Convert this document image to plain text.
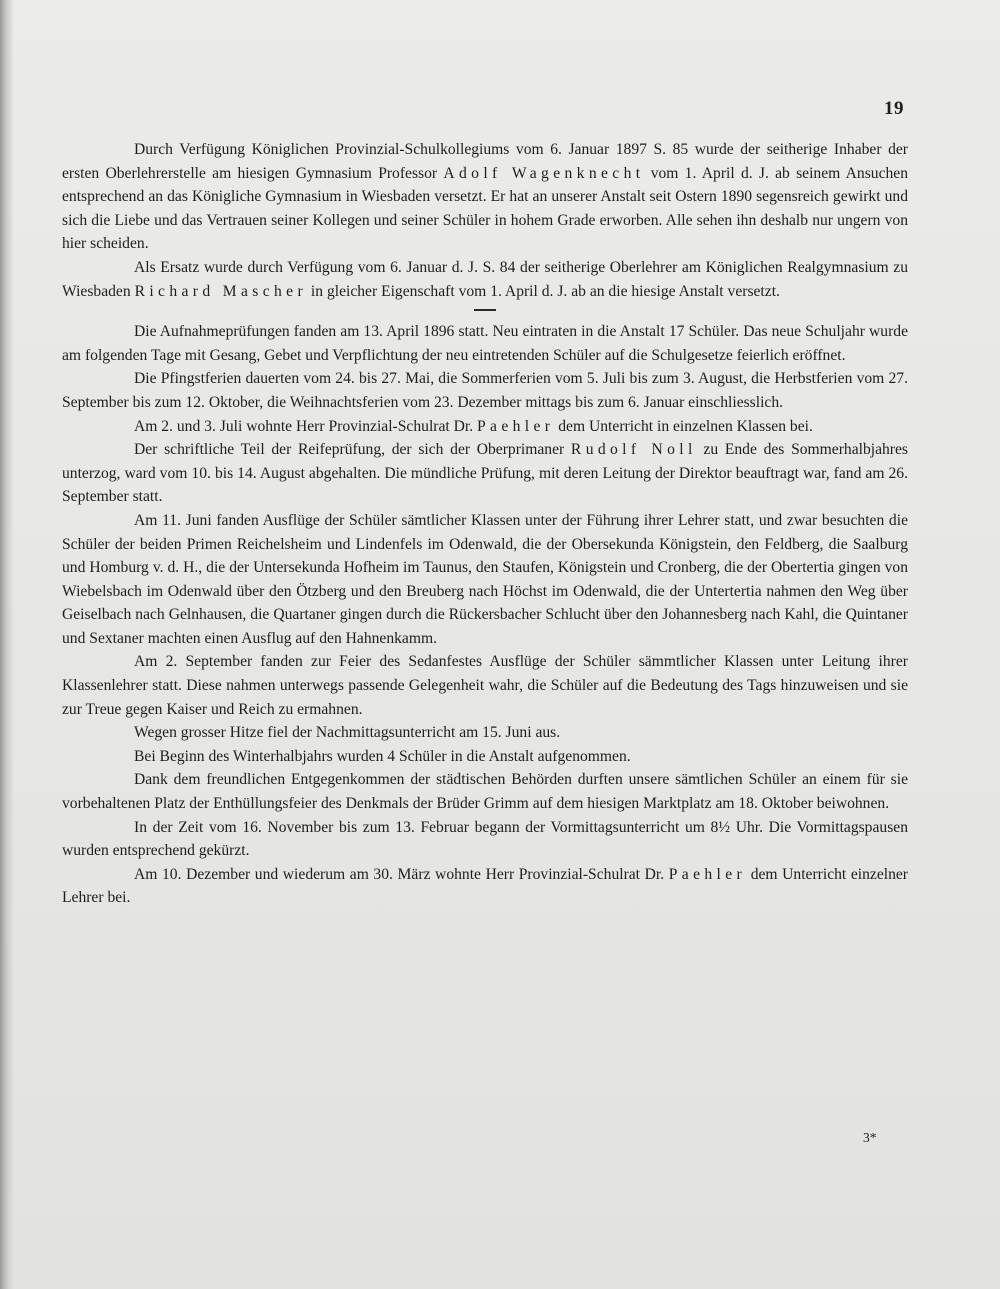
19

Durch Verfügung Königlichen Provinzial-Schulkollegiums vom 6. Januar 1897 S. 85 wurde der seitherige Inhaber der ersten Oberlehrerstelle am hiesigen Gymnasium Professor Adolf Wagenknecht vom 1. April d. J. ab seinem Ansuchen entsprechend an das Königliche Gymnasium in Wiesbaden versetzt. Er hat an unserer Anstalt seit Ostern 1890 segensreich gewirkt und sich die Liebe und das Vertrauen seiner Kollegen und seiner Schüler in hohem Grade erworben. Alle sehen ihn deshalb nur ungern von hier scheiden.

Als Ersatz wurde durch Verfügung vom 6. Januar d. J. S. 84 der seitherige Oberlehrer am Königlichen Realgymnasium zu Wiesbaden Richard Mascher in gleicher Eigenschaft vom 1. April d. J. ab an die hiesige Anstalt versetzt.

Die Aufnahmeprüfungen fanden am 13. April 1896 statt. Neu eintraten in die Anstalt 17 Schüler. Das neue Schuljahr wurde am folgenden Tage mit Gesang, Gebet und Verpflichtung der neu eintretenden Schüler auf die Schulgesetze feierlich eröffnet.

Die Pfingstferien dauerten vom 24. bis 27. Mai, die Sommerferien vom 5. Juli bis zum 3. August, die Herbstferien vom 27. September bis zum 12. Oktober, die Weihnachtsferien vom 23. Dezember mittags bis zum 6. Januar einschliesslich.

Am 2. und 3. Juli wohnte Herr Provinzial-Schulrat Dr. Paehler dem Unterricht in einzelnen Klassen bei.

Der schriftliche Teil der Reifeprüfung, der sich der Oberprimaner Rudolf Noll zu Ende des Sommerhalbjahres unterzog, ward vom 10. bis 14. August abgehalten. Die mündliche Prüfung, mit deren Leitung der Direktor beauftragt war, fand am 26. September statt.

Am 11. Juni fanden Ausflüge der Schüler sämtlicher Klassen unter der Führung ihrer Lehrer statt, und zwar besuchten die Schüler der beiden Primen Reichelsheim und Lindenfels im Odenwald, die der Obersekunda Königstein, den Feldberg, die Saalburg und Homburg v. d. H., die der Untersekunda Hofheim im Taunus, den Staufen, Königstein und Cronberg, die der Obertertia gingen von Wiebelsbach im Odenwald über den Ötzberg und den Breuberg nach Höchst im Odenwald, die der Untertertia nahmen den Weg über Geiselbach nach Gelnhausen, die Quartaner gingen durch die Rückersbacher Schlucht über den Johannesberg nach Kahl, die Quintaner und Sextaner machten einen Ausflug auf den Hahnenkamm.

Am 2. September fanden zur Feier des Sedanfestes Ausflüge der Schüler sämmtlicher Klassen unter Leitung ihrer Klassenlehrer statt. Diese nahmen unterwegs passende Gelegenheit wahr, die Schüler auf die Bedeutung des Tags hinzuweisen und sie zur Treue gegen Kaiser und Reich zu ermahnen.

Wegen grosser Hitze fiel der Nachmittagsunterricht am 15. Juni aus.

Bei Beginn des Winterhalbjahrs wurden 4 Schüler in die Anstalt aufgenommen.

Dank dem freundlichen Entgegenkommen der städtischen Behörden durften unsere sämtlichen Schüler an einem für sie vorbehaltenen Platz der Enthüllungsfeier des Denkmals der Brüder Grimm auf dem hiesigen Marktplatz am 18. Oktober beiwohnen.

In der Zeit vom 16. November bis zum 13. Februar begann der Vormittagsunterricht um 8½ Uhr. Die Vormittagspausen wurden entsprechend gekürzt.

Am 10. Dezember und wiederum am 30. März wohnte Herr Provinzial-Schulrat Dr. Paehler dem Unterricht einzelner Lehrer bei.

3*
